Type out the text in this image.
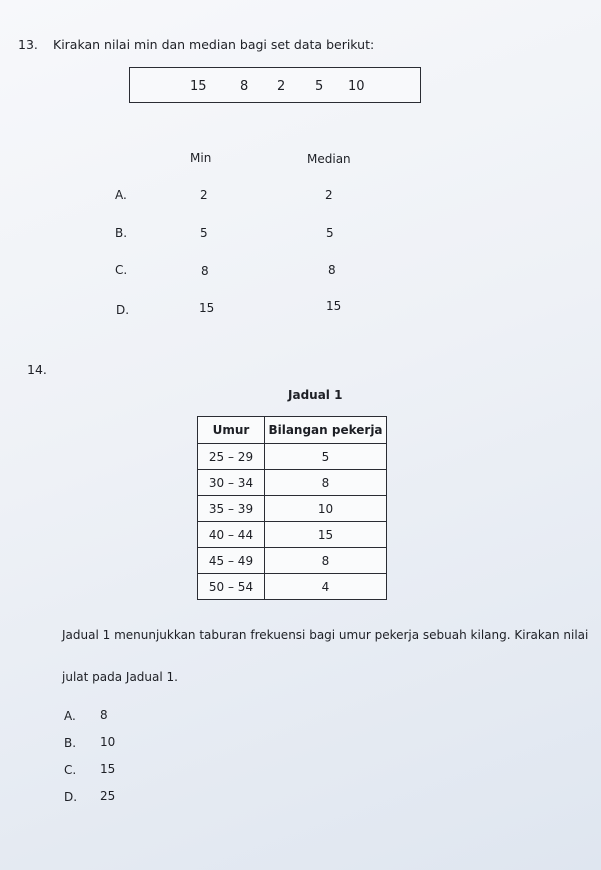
13. Kirakan nilai min dan median bagi set data berikut:
15	8 2 5 10
Min	Median
A.	2	2
B.	5	5
C.	8	8
D.	15	15
14.
Jadual 1
Umur	Bilangan pekerja
25 – 29	5
30 – 34	8
35 – 39	10
40 – 44	15
45 – 49	8
50 – 54	4
Jadual 1 menunjukkan taburan frekuensi bagi umur pekerja sebuah kilang. Kirakan nilai
julat pada Jadual 1.
A. 8
B. 10
C. 15
D. 25
